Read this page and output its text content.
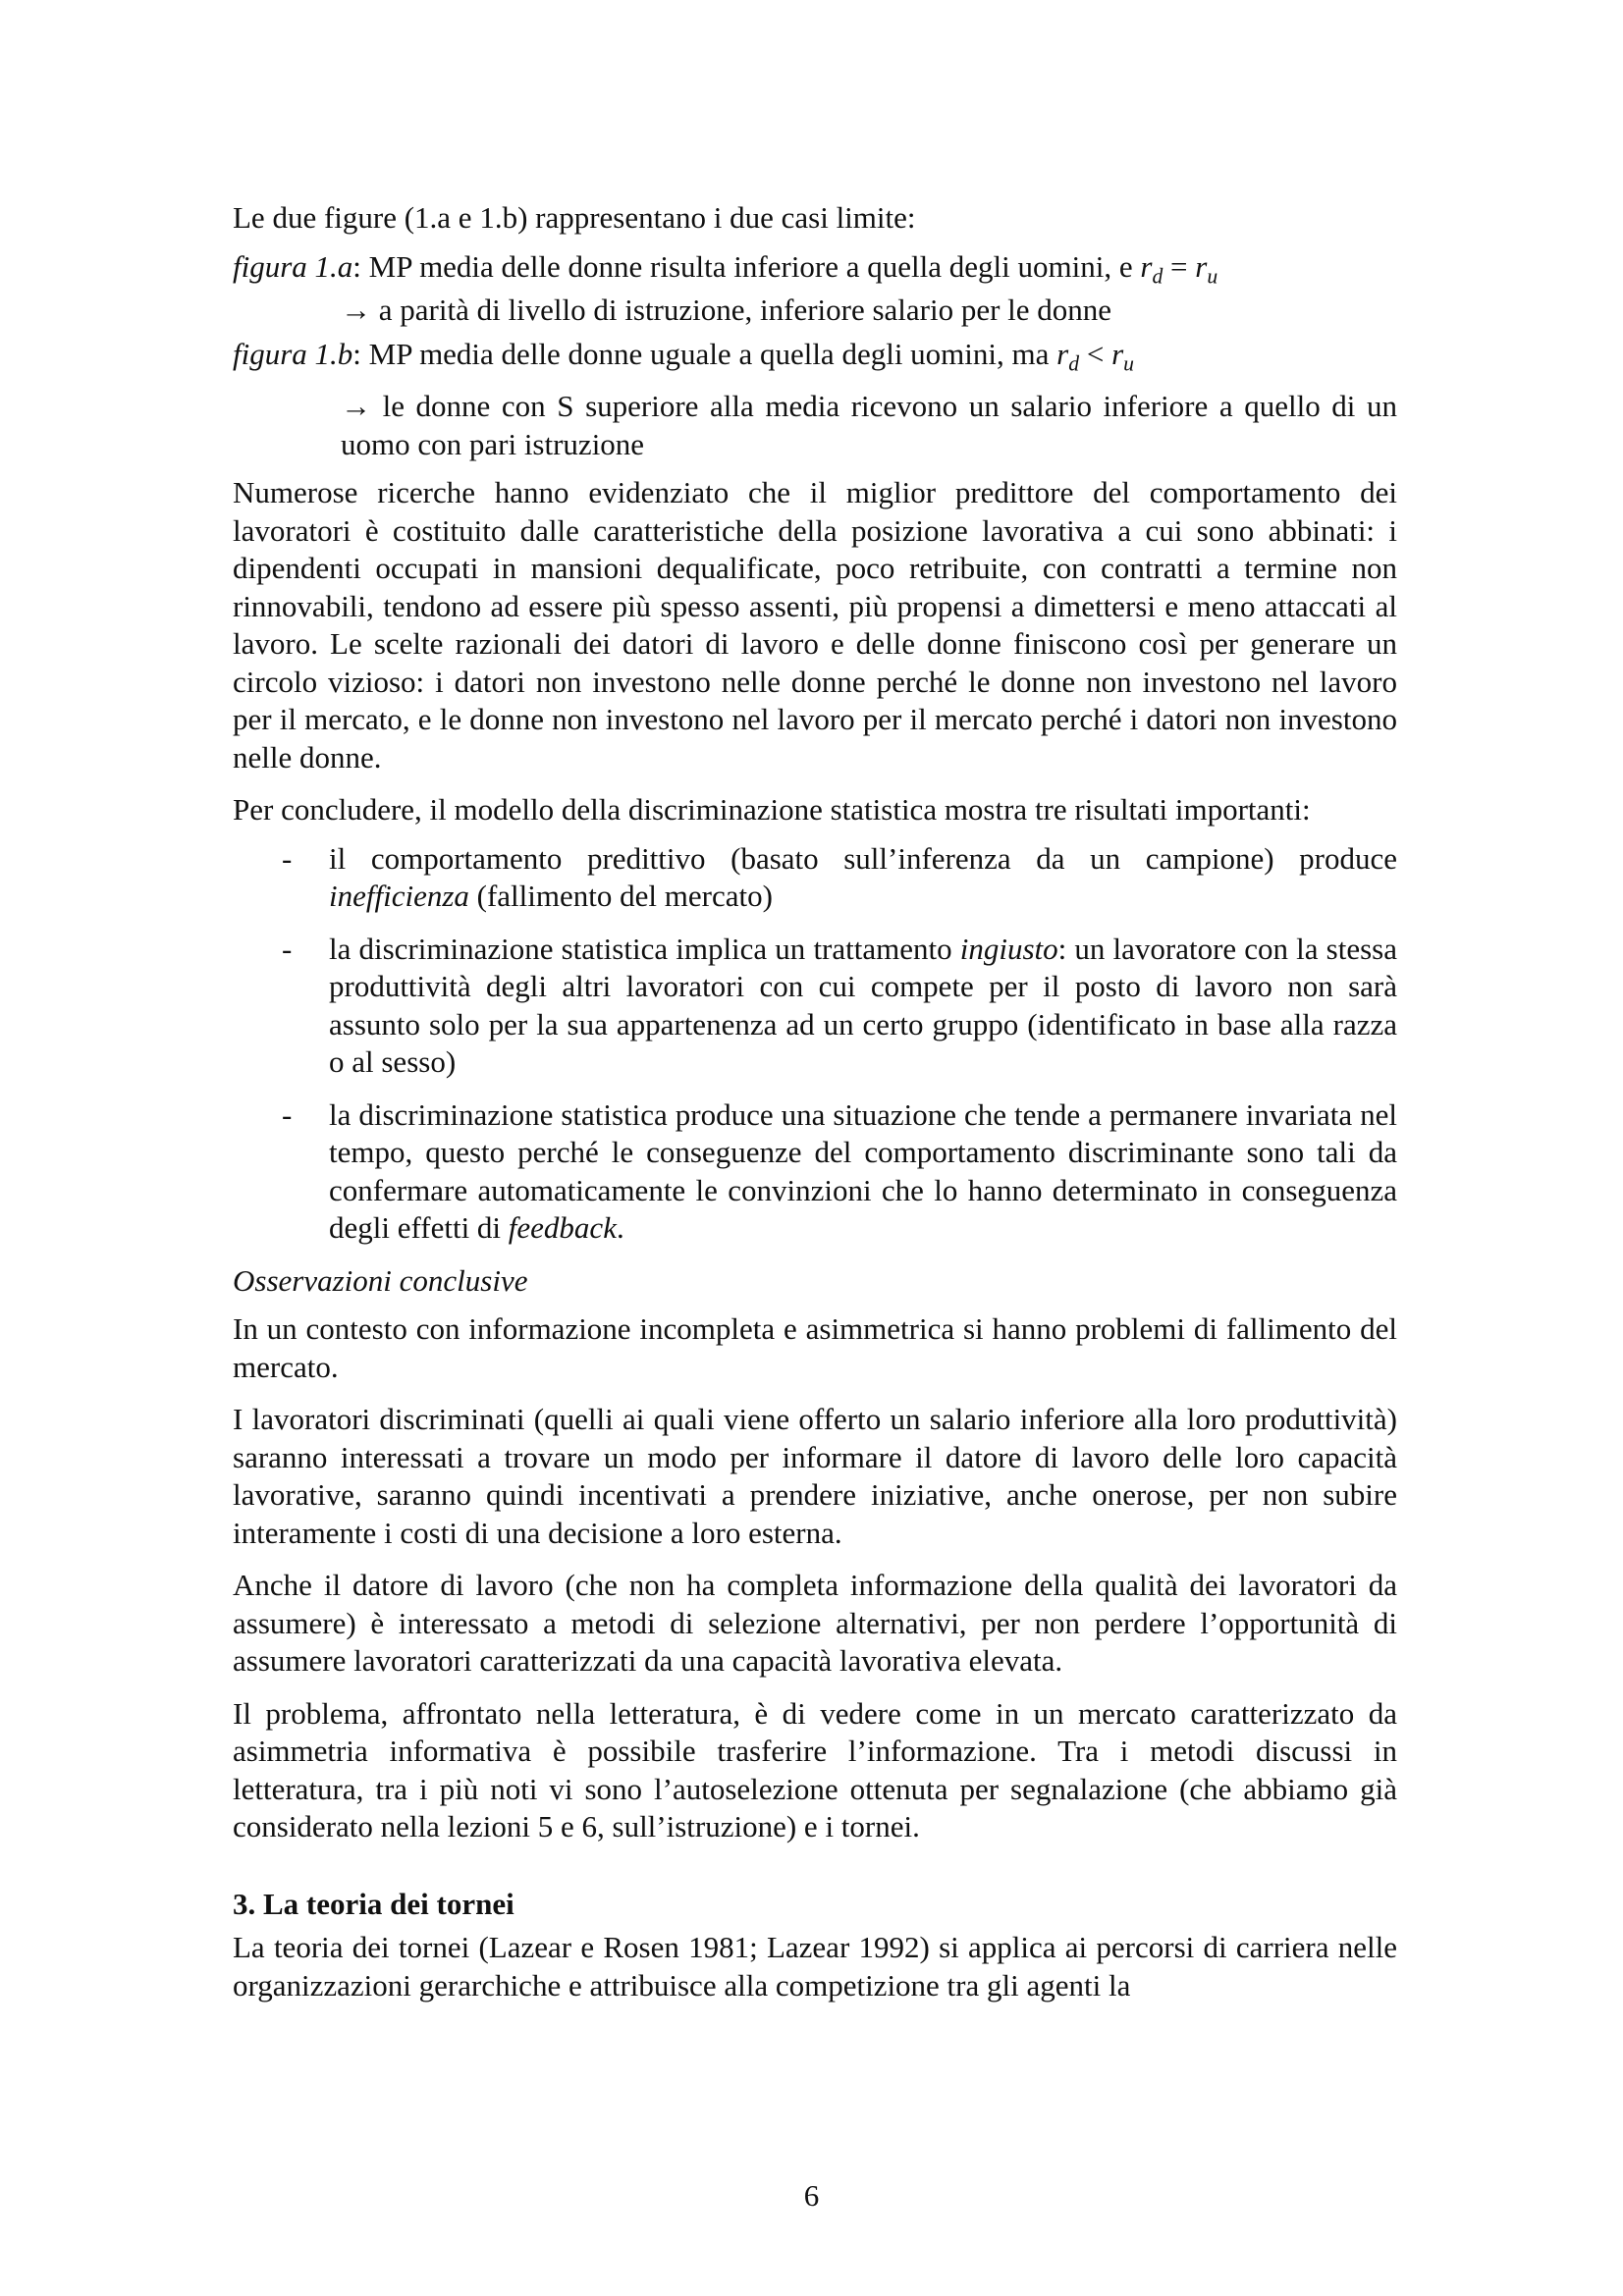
Le due figure (1.a e 1.b) rappresentano i due casi limite:

figura 1.a: MP media delle donne risulta inferiore a quella degli uomini, e $r_d = r_u$

→ a parità di livello di istruzione, inferiore salario per le donne

figura 1.b: MP media delle donne uguale a quella degli uomini, ma $r_d < r_u$

→ le donne con S superiore alla media ricevono un salario inferiore a quello di un uomo con pari istruzione

Numerose ricerche hanno evidenziato che il miglior predittore del comportamento dei lavoratori è costituito dalle caratteristiche della posizione lavorativa a cui sono abbinati: i dipendenti occupati in mansioni dequalificate, poco retribuite, con contratti a termine non rinnovabili, tendono ad essere più spesso assenti, più propensi a dimettersi e meno attaccati al lavoro. Le scelte razionali dei datori di lavoro e delle donne finiscono così per generare un circolo vizioso: i datori non investono nelle donne perché le donne non investono nel lavoro per il mercato, e le donne non investono nel lavoro per il mercato perché i datori non investono nelle donne.

Per concludere, il modello della discriminazione statistica mostra tre risultati importanti:

-	il comportamento predittivo (basato sull’inferenza da un campione) produce inefficienza (fallimento del mercato)
-	la discriminazione statistica implica un trattamento ingiusto: un lavoratore con la stessa produttività degli altri lavoratori con cui compete per il posto di lavoro non sarà assunto solo per la sua appartenenza ad un certo gruppo (identificato in base alla razza o al sesso)
-	la discriminazione statistica produce una situazione che tende a permanere invariata nel tempo, questo perché le conseguenze del comportamento discriminante sono tali da confermare automaticamente le convinzioni che lo hanno determinato in conseguenza degli effetti di feedback.

Osservazioni conclusive

In un contesto con informazione incompleta e asimmetrica si hanno problemi di fallimento del mercato.

I lavoratori discriminati (quelli ai quali viene offerto un salario inferiore alla loro produttività) saranno interessati a trovare un modo per informare il datore di lavoro delle loro capacità lavorative, saranno quindi incentivati a prendere iniziative, anche onerose, per non subire interamente i costi di una decisione a loro esterna.

Anche il datore di lavoro (che non ha completa informazione della qualità dei lavoratori da assumere) è interessato a metodi di selezione alternativi, per non perdere l’opportunità di assumere lavoratori caratterizzati da una capacità lavorativa elevata.

Il problema, affrontato nella letteratura, è di vedere come in un mercato caratterizzato da asimmetria informativa è possibile trasferire l’informazione. Tra i metodi discussi in letteratura, tra i più noti vi sono l’autoselezione ottenuta per segnalazione (che abbiamo già considerato nella lezioni 5 e 6, sull’istruzione) e i tornei.

3. La teoria dei tornei

La teoria dei tornei (Lazear e Rosen 1981; Lazear 1992) si applica ai percorsi di carriera nelle organizzazioni gerarchiche e attribuisce alla competizione tra gli agenti la

6
